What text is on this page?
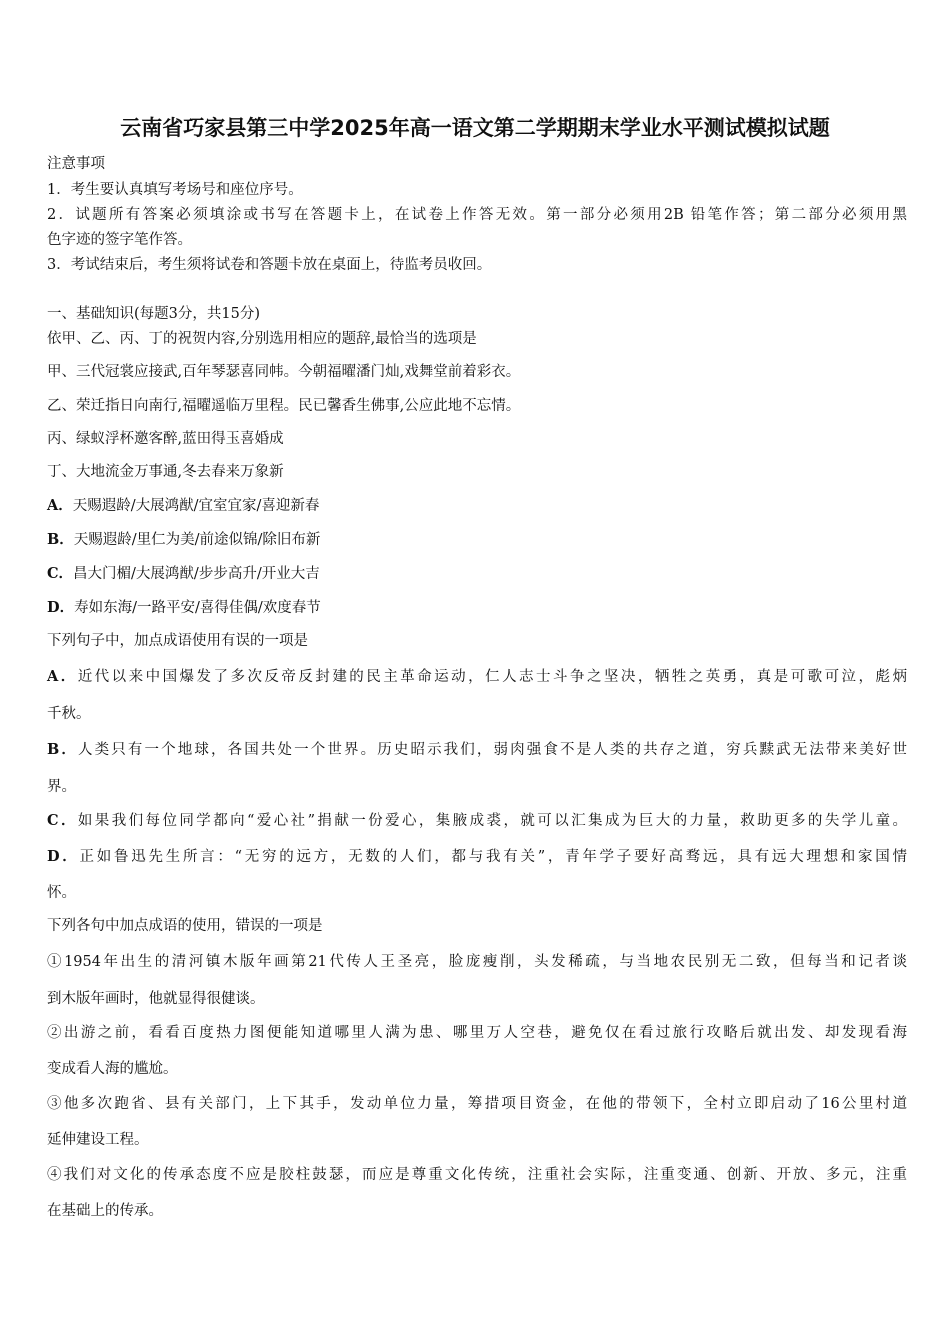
云南省巧家县第三中学2025年高一语文第二学期期末学业水平测试模拟试题

注意事项

1．考生要认真填写考场号和座位序号。

2．试题所有答案必须填涂或书写在答题卡上，在试卷上作答无效。第一部分必须用2B 铅笔作答；第二部分必须用黑

色字迹的签字笔作答。

3．考试结束后，考生须将试卷和答题卡放在桌面上，待监考员收回。

一、基础知识(每题3分，共15分)

依甲、乙、丙、丁的祝贺内容,分别选用相应的题辞,最恰当的选项是

甲、三代冠裳应接武,百年琴瑟喜同帏。今朝福曜潘门灿,戏舞堂前着彩衣。

乙、荣迁指日向南行,福曜遥临万里程。民已馨香生佛事,公应此地不忘情。

丙、绿蚁浮杯邀客醉,蓝田得玉喜婚成

丁、大地流金万事通,冬去春来万象新

A．天赐遐龄/大展鸿猷/宜室宜家/喜迎新春

B．天赐遐龄/里仁为美/前途似锦/除旧布新

C．昌大门楣/大展鸿猷/步步高升/开业大吉

D．寿如东海/一路平安/喜得佳偶/欢度春节

下列句子中，加点成语使用有误的一项是

A．近代以来中国爆发了多次反帝反封建的民主革命运动，仁人志士斗争之坚决，牺牲之英勇，真是可歌可泣，彪炳

千秋。

B．人类只有一个地球，各国共处一个世界。历史昭示我们，弱肉强食不是人类的共存之道，穷兵黩武无法带来美好世

界。

C．如果我们每位同学都向“爱心社”捐献一份爱心，集腋成裘，就可以汇集成为巨大的力量，救助更多的失学儿童。

D．正如鲁迅先生所言：“无穷的远方，无数的人们，都与我有关”，青年学子要好高骛远，具有远大理想和家国情

怀。

下列各句中加点成语的使用，错误的一项是

①1954年出生的清河镇木版年画第21代传人王圣亮，脸庞瘦削，头发稀疏，与当地农民别无二致，但每当和记者谈

到木版年画时，他就显得很健谈。

②出游之前，看看百度热力图便能知道哪里人满为患、哪里万人空巷，避免仅在看过旅行攻略后就出发、却发现看海

变成看人海的尴尬。

③他多次跑省、县有关部门，上下其手，发动单位力量，筹措项目资金，在他的带领下，全村立即启动了16公里村道

延伸建设工程。

④我们对文化的传承态度不应是胶柱鼓瑟，而应是尊重文化传统，注重社会实际，注重变通、创新、开放、多元，注重

在基础上的传承。
